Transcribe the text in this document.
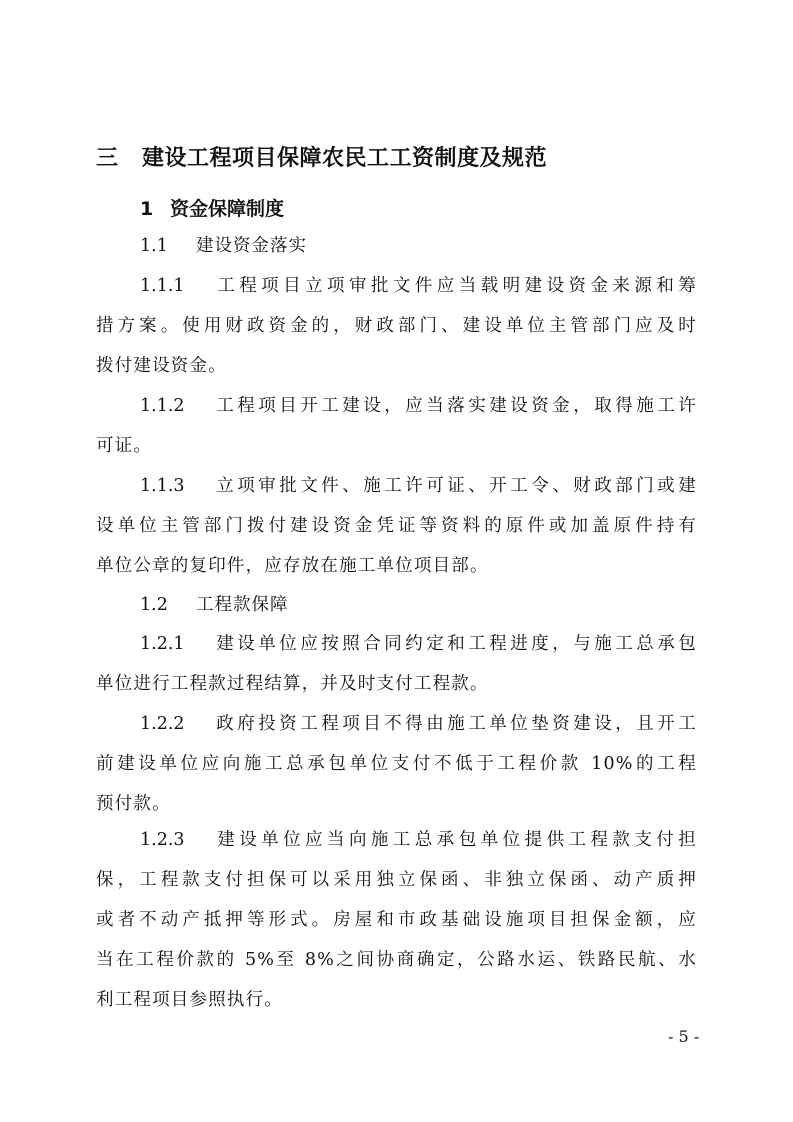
三 建设工程项目保障农民工工资制度及规范
1 资金保障制度
1.1 建设资金落实
1.1.1 工程项目立项审批文件应当载明建设资金来源和筹
措方案。使用财政资金的，财政部门、建设单位主管部门应及时
拨付建设资金。
1.1.2 工程项目开工建设，应当落实建设资金，取得施工许
可证。
1.1.3 立项审批文件、施工许可证、开工令、财政部门或建
设单位主管部门拨付建设资金凭证等资料的原件或加盖原件持有
单位公章的复印件，应存放在施工单位项目部。
1.2 工程款保障
1.2.1 建设单位应按照合同约定和工程进度，与施工总承包
单位进行工程款过程结算，并及时支付工程款。
1.2.2 政府投资工程项目不得由施工单位垫资建设，且开工
前建设单位应向施工总承包单位支付不低于工程价款 10%的工程
预付款。
1.2.3 建设单位应当向施工总承包单位提供工程款支付担
保，工程款支付担保可以采用独立保函、非独立保函、动产质押
或者不动产抵押等形式。房屋和市政基础设施项目担保金额，应
当在工程价款的 5%至 8%之间协商确定，公路水运、铁路民航、水
利工程项目参照执行。
- 5 -
